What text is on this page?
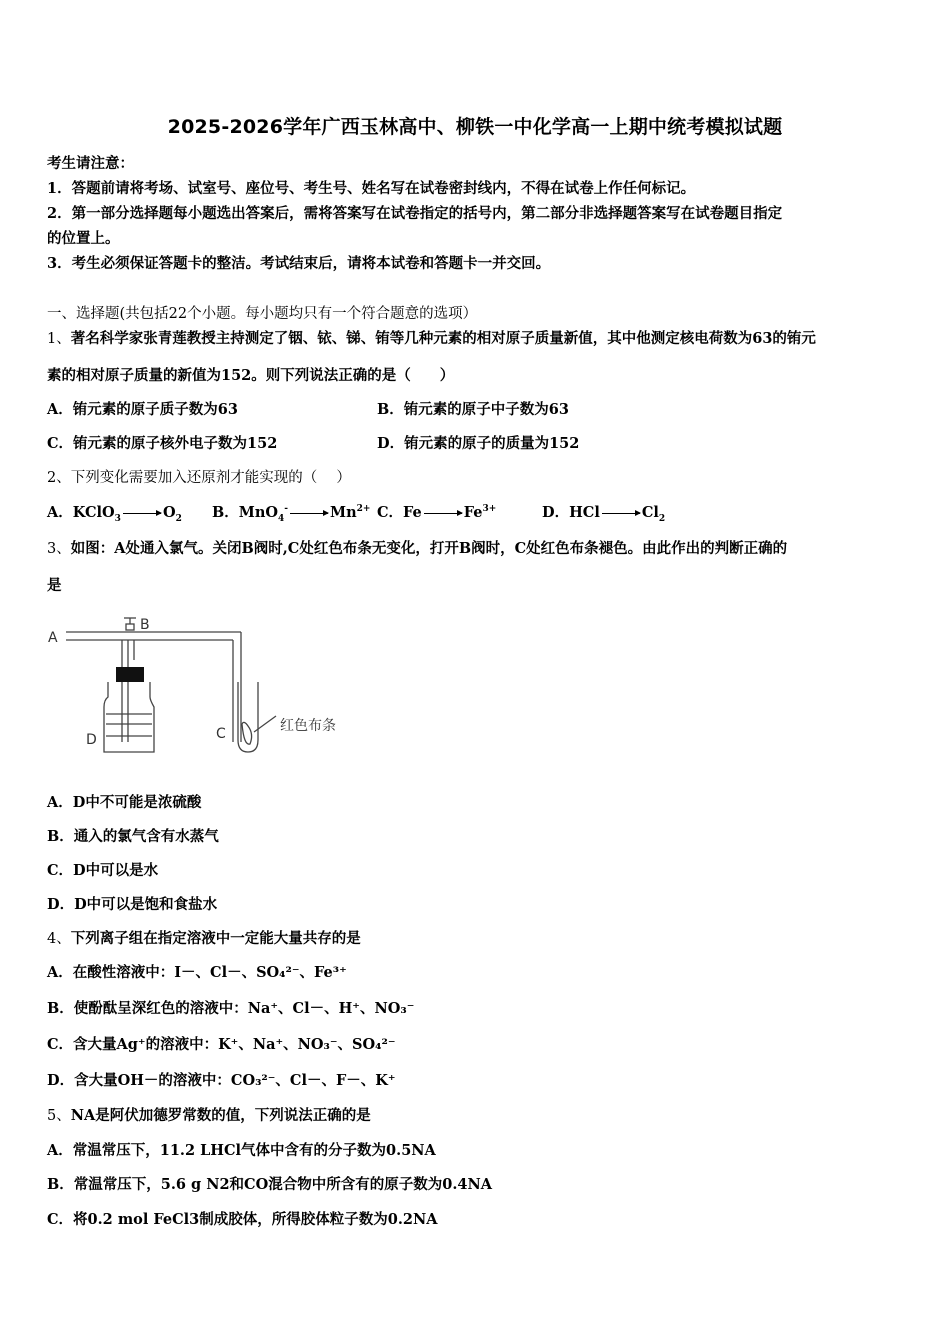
2025-2026学年广西玉林高中、柳铁一中化学高一上期中统考模拟试题
考生请注意：
1．答题前请将考场、试室号、座位号、考生号、姓名写在试卷密封线内，不得在试卷上作任何标记。
2．第一部分选择题每小题选出答案后，需将答案写在试卷指定的括号内，第二部分非选择题答案写在试卷题目指定
的位置上。
3．考生必须保证答题卡的整洁。考试结束后，请将本试卷和答题卡一并交回。
一、选择题(共包括22个小题。每小题均只有一个符合题意的选项）
1、著名科学家张青莲教授主持测定了铟、铱、锑、铕等几种元素的相对原子质量新值，其中他测定核电荷数为63的铕元
素的相对原子质量的新值为152。则下列说法正确的是（　　）
A．铕元素的原子质子数为63	B．铕元素的原子中子数为63
C．铕元素的原子核外电子数为152	D．铕元素的原子的质量为152
2、下列变化需要加入还原剂才能实现的（　 ）
A．KClO$_3$	$O_2$ B．MnO$_4$-	$Mn^{2+}$ C．Fe	$Fe^{3+}$	D．HCl	$Cl_2$
3、如图：A处通入氯气。关闭B阀时,C处红色布条无变化，打开B阀时，C处红色布条褪色。由此作出的判断正确的
是
A
B
D	C	红色布条
A．D中不可能是浓硫酸
B．通入的氯气含有水蒸气
C．D中可以是水
D．D中可以是饱和食盐水
4、下列离子组在指定溶液中一定能大量共存的是
A．在酸性溶液中：I－、Cl－、SO₄²⁻、Fe³⁺
B．使酚酞呈深红色的溶液中：Na⁺、Cl－、H⁺、NO₃⁻
C．含大量Ag⁺的溶液中：K⁺、Na⁺、NO₃⁻、SO₄²⁻
D．含大量OH－的溶液中：CO₃²⁻、Cl－、F－、K⁺
5、NA是阿伏加德罗常数的值，下列说法正确的是
A．常温常压下，11.2 LHCl气体中含有的分子数为0.5NA
B．常温常压下，5.6 g N2和CO混合物中所含有的原子数为0.4NA
C．将0.2 mol FeCl3制成胶体，所得胶体粒子数为0.2NA
